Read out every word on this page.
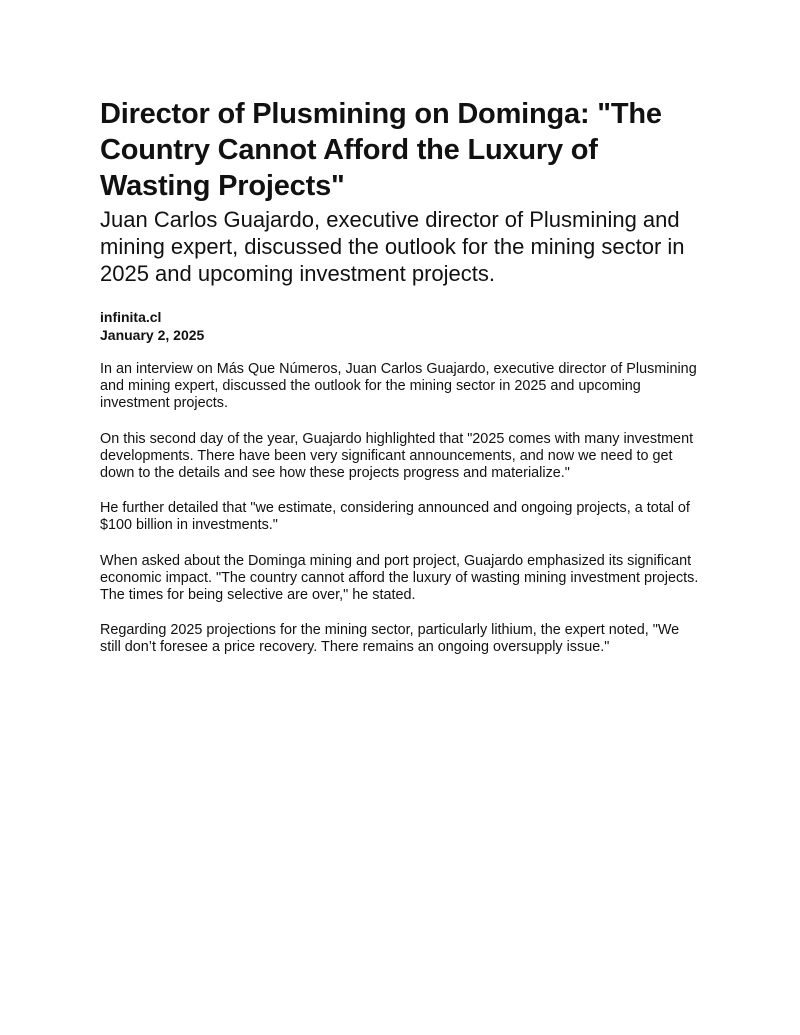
Director of Plusmining on Dominga: "The Country Cannot Afford the Luxury of Wasting Projects"
Juan Carlos Guajardo, executive director of Plusmining and mining expert, discussed the outlook for the mining sector in 2025 and upcoming investment projects.
infinita.cl
January 2, 2025

In an interview on Más Que Números, Juan Carlos Guajardo, executive director of Plusmining and mining expert, discussed the outlook for the mining sector in 2025 and upcoming investment projects.

On this second day of the year, Guajardo highlighted that "2025 comes with many investment developments. There have been very significant announcements, and now we need to get down to the details and see how these projects progress and materialize."

He further detailed that "we estimate, considering announced and ongoing projects, a total of $100 billion in investments."

When asked about the Dominga mining and port project, Guajardo emphasized its significant economic impact. "The country cannot afford the luxury of wasting mining investment projects. The times for being selective are over," he stated.

Regarding 2025 projections for the mining sector, particularly lithium, the expert noted, "We still don’t foresee a price recovery. There remains an ongoing oversupply issue."
